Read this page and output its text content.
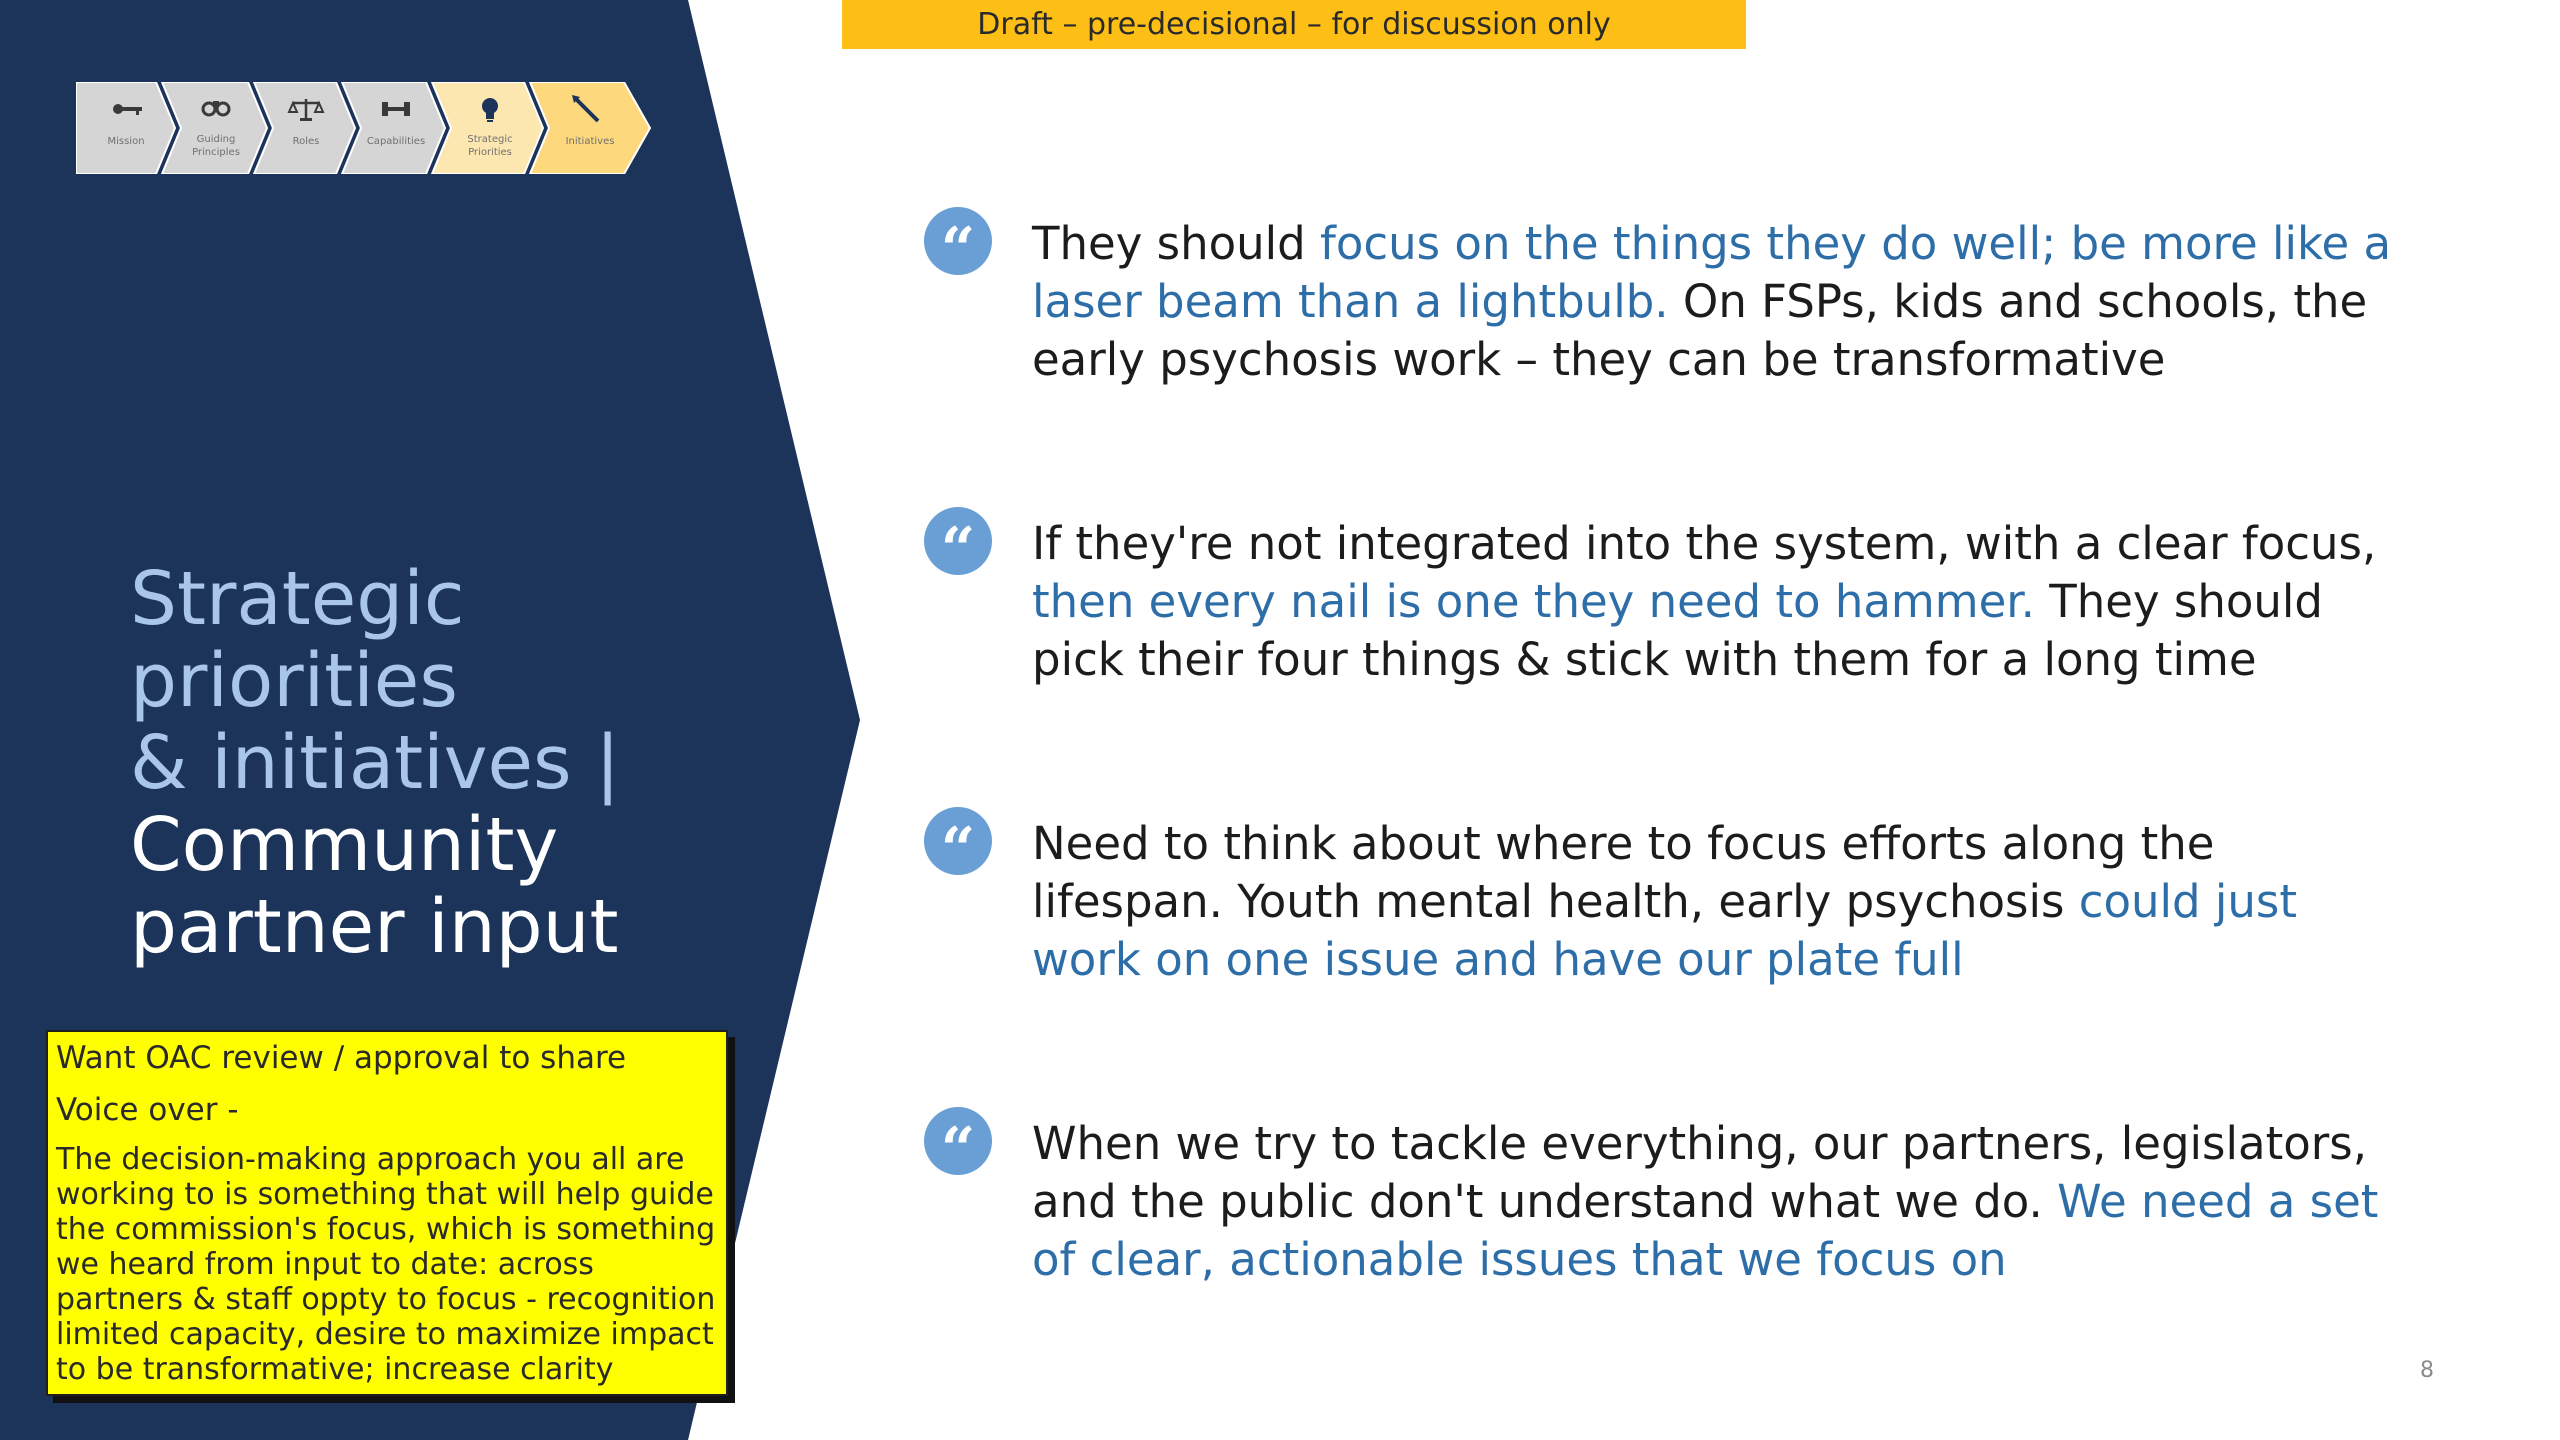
Draft – pre-decisional – for discussion only
Mission	Guiding Principles
Roles	Capabilities	Strategic Priorities
Initiatives
Strategic priorities
& initiatives |
Community
partner input

Want OAC review / approval to share

Voice over -

The decision-making approach you all are working to is something that will help guide the commission's focus, which is something we heard from input to date: across partners & staff oppty to focus - recognition limited capacity, desire to maximize impact to be transformative; increase clarity

“	They should focus on the things they do well; be more like a laser beam than a lightbulb. On FSPs, kids and schools, the early psychosis work – they can be transformative
“	If they're not integrated into the system, with a clear focus, then every nail is one they need to hammer. They should pick their four things & stick with them for a long time
“	Need to think about where to focus efforts along the lifespan. Youth mental health, early psychosis could just work on one issue and have our plate full
“	When we try to tackle everything, our partners, legislators, and the public don't understand what we do. We need a set of clear, actionable issues that we focus on
8
